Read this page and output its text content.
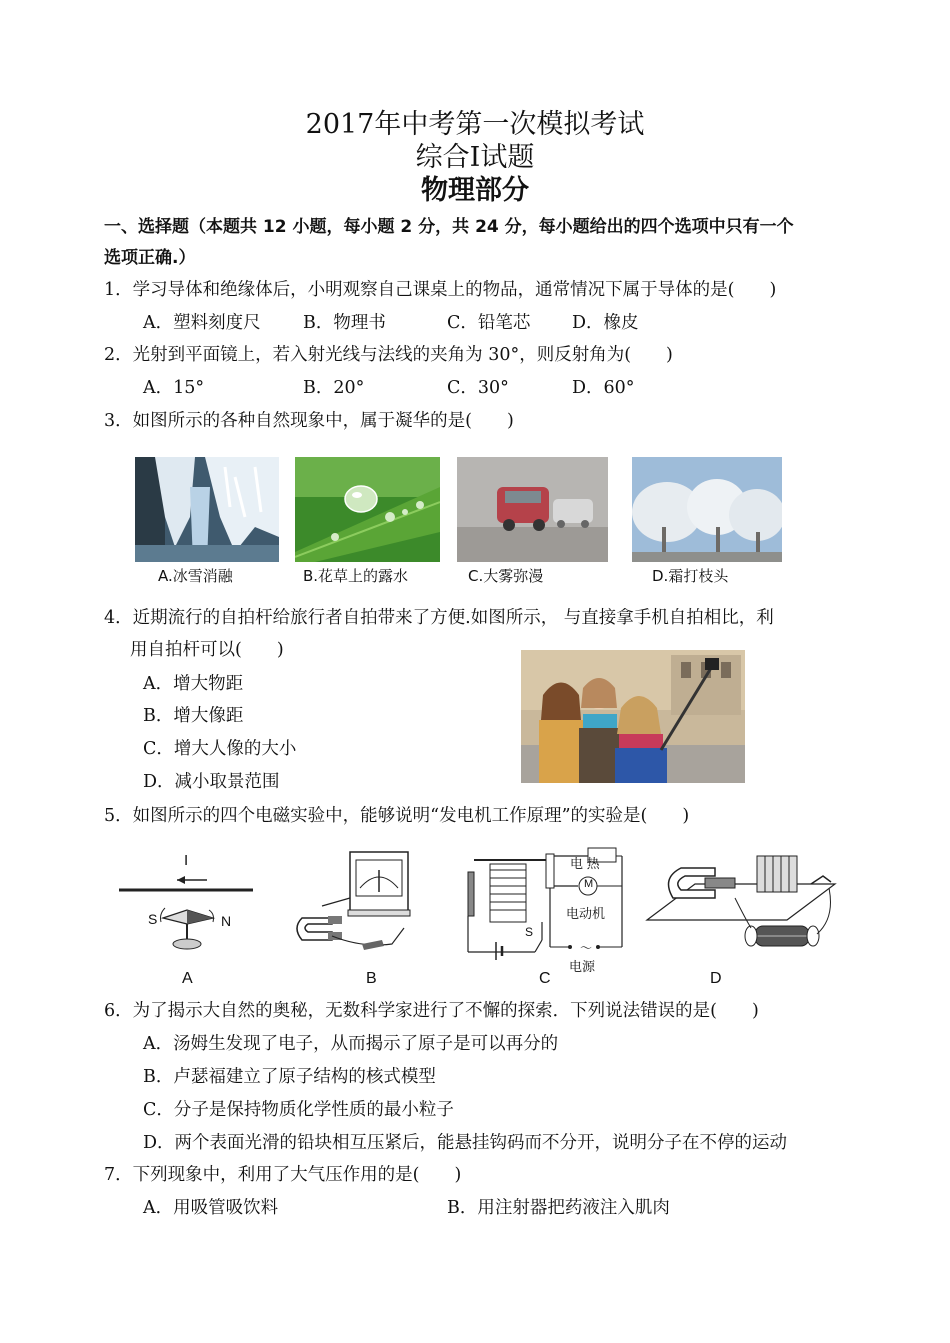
2017年中考第一次模拟考试
综合Ⅰ试题
物理部分
一、选择题（本题共 12 小题，每小题 2 分，共 24 分，每小题给出的四个选项中只有一个
选项正确.）
1．学习导体和绝缘体后，小明观察自己课桌上的物品，通常情况下属于导体的是(　　)
A．塑料刻度尺 B．物理书	C．铅笔芯 D．橡皮
2．光射到平面镜上，若入射光线与法线的夹角为 30°，则反射角为(　　)
A．15°	B．20°	C．30°	D．60°
3．如图所示的各种自然现象中，属于凝华的是(　　)
A.冰雪消融	B.花草上的露水	C.大雾弥漫	D.霜打枝头
4．近期流行的自拍杆给旅行者自拍带来了方便.如图所示， 与直接拿手机自拍相比，利
用自拍杆可以(　　)
A．增大物距
B．增大像距
C．增大人像的大小
D．减小取景范围
5．如图所示的四个电磁实验中，能够说明“发电机工作原理”的实验是(　　)
I
S	N
电 热
M
电动机
S
～
电源
A	B	C	D
6．为了揭示大自然的奥秘，无数科学家进行了不懈的探索．下列说法错误的是(　　)
A．汤姆生发现了电子，从而揭示了原子是可以再分的
B．卢瑟福建立了原子结构的核式模型
C．分子是保持物质化学性质的最小粒子
D．两个表面光滑的铅块相互压紧后，能悬挂钩码而不分开，说明分子在不停的运动
7．下列现象中，利用了大气压作用的是(　　)
A．用吸管吸饮料	B．用注射器把药液注入肌肉
